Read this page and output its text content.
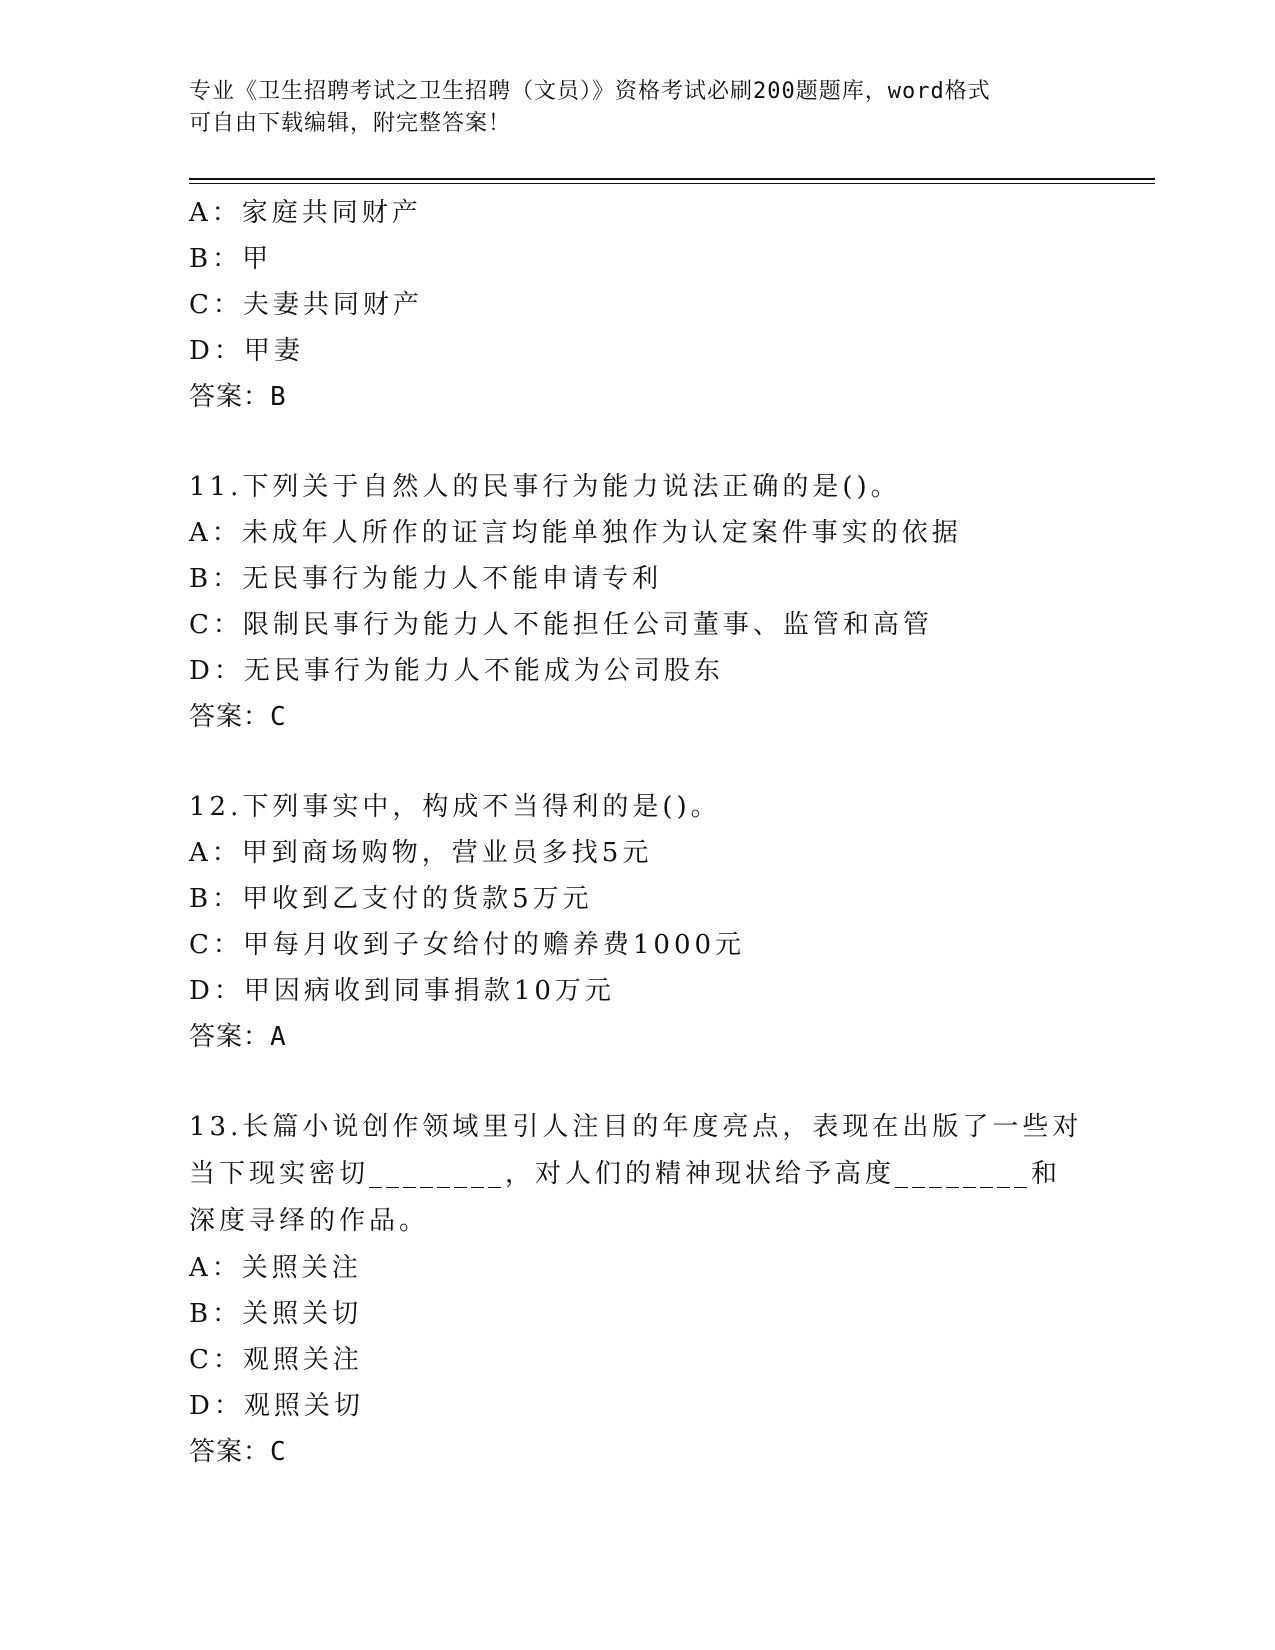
专业《卫生招聘考试之卫生招聘（文员）》资格考试必刷200题题库，word格式
可自由下载编辑，附完整答案！
A：家庭共同财产
B：甲
C：夫妻共同财产
D：甲妻
答案：B
11.下列关于自然人的民事行为能力说法正确的是()。
A：未成年人所作的证言均能单独作为认定案件事实的依据
B：无民事行为能力人不能申请专利
C：限制民事行为能力人不能担任公司董事、监管和高管
D：无民事行为能力人不能成为公司股东
答案：C
12.下列事实中，构成不当得利的是()。
A：甲到商场购物，营业员多找5元
B：甲收到乙支付的货款5万元
C：甲每月收到子女给付的赡养费1000元
D：甲因病收到同事捐款10万元
答案：A
13.长篇小说创作领域里引人注目的年度亮点，表现在出版了一些对当下现实密切________，对人们的精神现状给予高度________和深度寻绎的作品。
A：关照关注
B：关照关切
C：观照关注
D：观照关切
答案：C
